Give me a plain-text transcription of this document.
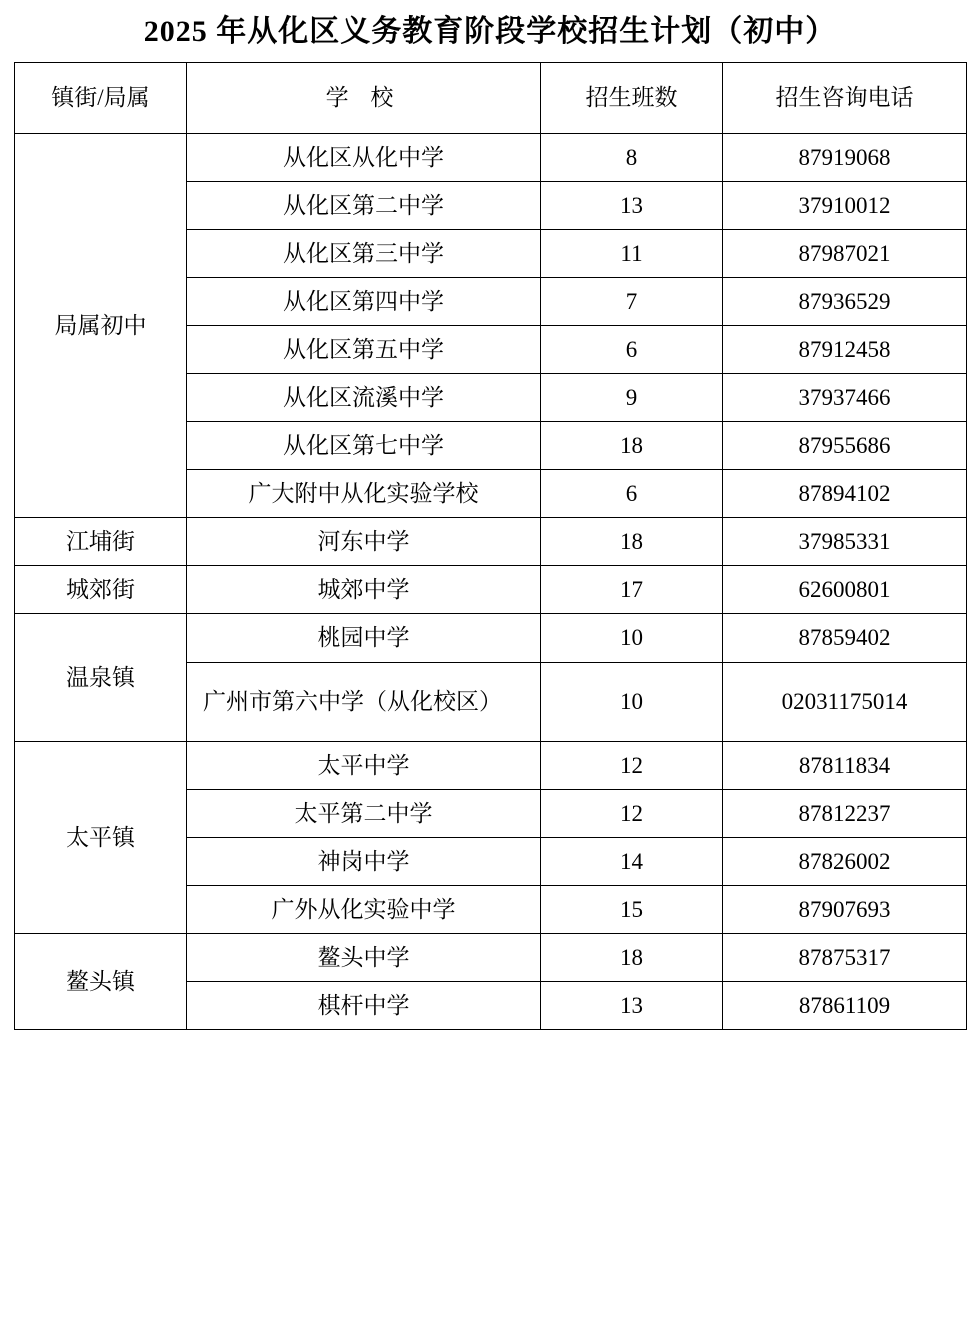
2025 年从化区义务教育阶段学校招生计划（初中）
镇街/局属	学 校	招生班数	招生咨询电话
局属初中	从化区从化中学	8	87919068
	从化区第二中学	13	37910012
	从化区第三中学	11	87987021
	从化区第四中学	7	87936529
	从化区第五中学	6	87912458
	从化区流溪中学	9	37937466
	从化区第七中学	18	87955686
	广大附中从化实验学校	6	87894102
江埔街	河东中学	18	37985331
城郊街	城郊中学	17	62600801
温泉镇	桃园中学	10	87859402
	广州市第六中学（从化校区）	10	02031175014
太平镇	太平中学	12	87811834
	太平第二中学	12	87812237
	神岗中学	14	87826002
	广外从化实验中学	15	87907693
鳌头镇	鳌头中学	18	87875317
	棋杆中学	13	87861109
